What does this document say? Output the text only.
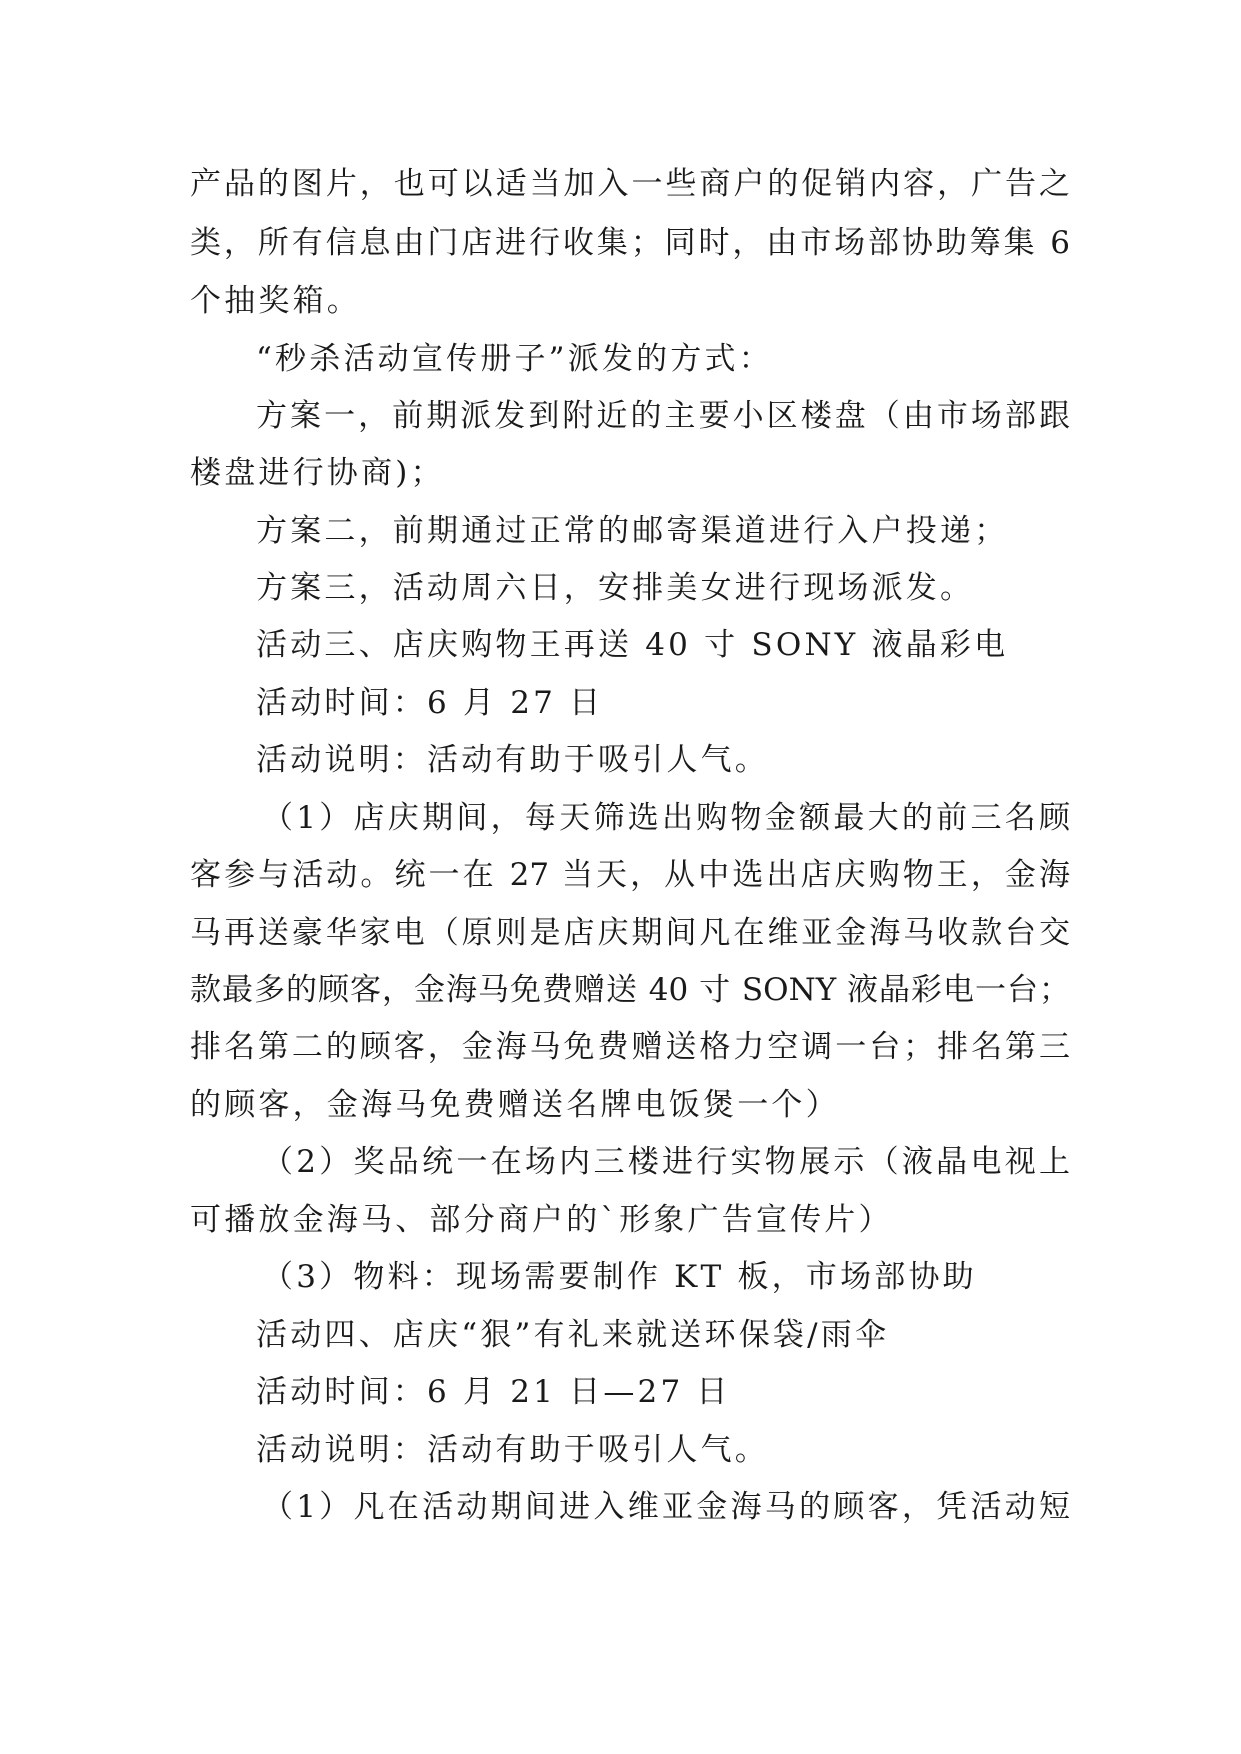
产品的图片，也可以适当加入一些商户的促销内容，广告之
类，所有信息由门店进行收集；同时，由市场部协助筹集 6
个抽奖箱。
“秒杀活动宣传册子”派发的方式：
方案一，前期派发到附近的主要小区楼盘（由市场部跟
楼盘进行协商)；
方案二，前期通过正常的邮寄渠道进行入户投递；
方案三，活动周六日，安排美女进行现场派发。
活动三、店庆购物王再送 40 寸 SONY 液晶彩电
活动时间：6 月 27 日
活动说明：活动有助于吸引人气。
（1）店庆期间，每天筛选出购物金额最大的前三名顾
客参与活动。统一在 27 当天，从中选出店庆购物王，金海
马再送豪华家电（原则是店庆期间凡在维亚金海马收款台交
款最多的顾客，金海马免费赠送 40 寸 SONY 液晶彩电一台；
排名第二的顾客，金海马免费赠送格力空调一台；排名第三
的顾客，金海马免费赠送名牌电饭煲一个）
（2）奖品统一在场内三楼进行实物展示（液晶电视上
可播放金海马、部分商户的`形象广告宣传片）
（3）物料：现场需要制作 KT 板，市场部协助
活动四、店庆“狠”有礼来就送环保袋/雨伞
活动时间：6 月 21 日—27 日
活动说明：活动有助于吸引人气。
（1）凡在活动期间进入维亚金海马的顾客，凭活动短
